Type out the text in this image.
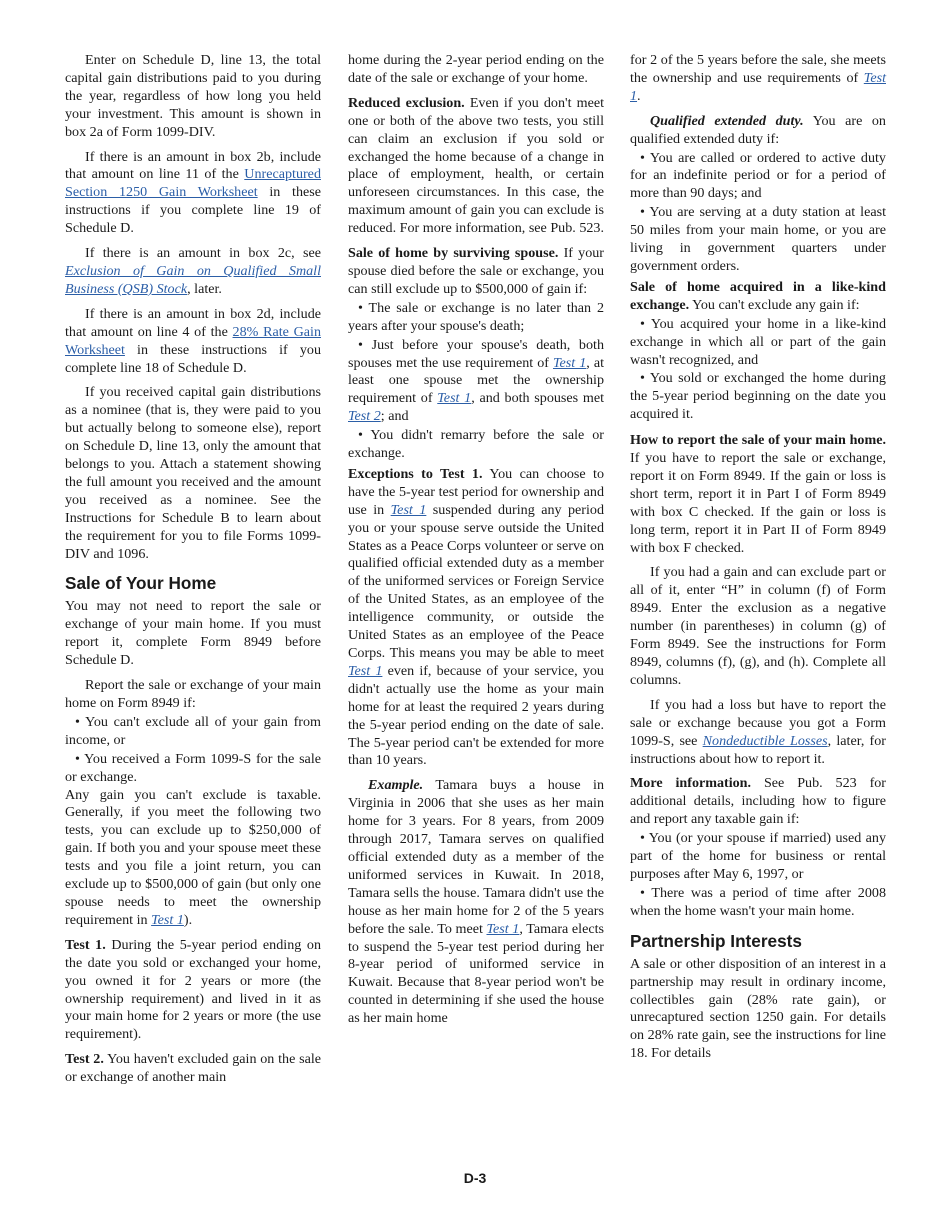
Enter on Schedule D, line 13, the total capital gain distributions paid to you during the year, regardless of how long you held your investment. This amount is shown in box 2a of Form 1099-DIV.

If there is an amount in box 2b, include that amount on line 11 of the Unrecaptured Section 1250 Gain Worksheet in these instructions if you complete line 19 of Schedule D.

If there is an amount in box 2c, see Exclusion of Gain on Qualified Small Business (QSB) Stock, later.

If there is an amount in box 2d, include that amount on line 4 of the 28% Rate Gain Worksheet in these instructions if you complete line 18 of Schedule D.

If you received capital gain distributions as a nominee (that is, they were paid to you but actually belong to someone else), report on Schedule D, line 13, only the amount that belongs to you. Attach a statement showing the full amount you received and the amount you received as a nominee. See the Instructions for Schedule B to learn about the requirement for you to file Forms 1099-DIV and 1096.

Sale of Your Home

You may not need to report the sale or exchange of your main home. If you must report it, complete Form 8949 before Schedule D.

Report the sale or exchange of your main home on Form 8949 if:

• You can't exclude all of your gain from income, or

• You received a Form 1099-S for the sale or exchange.

Any gain you can't exclude is taxable. Generally, if you meet the following two tests, you can exclude up to $250,000 of gain. If both you and your spouse meet these tests and you file a joint return, you can exclude up to $500,000 of gain (but only one spouse needs to meet the ownership requirement in Test 1).

Test 1. During the 5-year period ending on the date you sold or exchanged your home, you owned it for 2 years or more (the ownership requirement) and lived in it as your main home for 2 years or more (the use requirement).

Test 2. You haven't excluded gain on the sale or exchange of another main

home during the 2-year period ending on the date of the sale or exchange of your home.

Reduced exclusion. Even if you don't meet one or both of the above two tests, you still can claim an exclusion if you sold or exchanged the home because of a change in place of employment, health, or certain unforeseen circumstances. In this case, the maximum amount of gain you can exclude is reduced. For more information, see Pub. 523.

Sale of home by surviving spouse. If your spouse died before the sale or exchange, you can still exclude up to $500,000 of gain if:

• The sale or exchange is no later than 2 years after your spouse's death;

• Just before your spouse's death, both spouses met the use requirement of Test 1, at least one spouse met the ownership requirement of Test 1, and both spouses met Test 2; and

• You didn't remarry before the sale or exchange.

Exceptions to Test 1. You can choose to have the 5-year test period for ownership and use in Test 1 suspended during any period you or your spouse serve outside the United States as a Peace Corps volunteer or serve on qualified official extended duty as a member of the uniformed services or Foreign Service of the United States, as an employee of the intelligence community, or outside the United States as an employee of the Peace Corps. This means you may be able to meet Test 1 even if, because of your service, you didn't actually use the home as your main home for at least the required 2 years during the 5-year period ending on the date of sale. The 5-year period can't be extended for more than 10 years.

Example. Tamara buys a house in Virginia in 2006 that she uses as her main home for 3 years. For 8 years, from 2009 through 2017, Tamara serves on qualified official extended duty as a member of the uniformed services in Kuwait. In 2018, Tamara sells the house. Tamara didn't use the house as her main home for 2 of the 5 years before the sale. To meet Test 1, Tamara elects to suspend the 5-year test period during her 8-year period of uniformed service in Kuwait. Because that 8-year period won't be counted in determining if she used the house as her main home

for 2 of the 5 years before the sale, she meets the ownership and use requirements of Test 1.

Qualified extended duty. You are on qualified extended duty if:

• You are called or ordered to active duty for an indefinite period or for a period of more than 90 days; and

• You are serving at a duty station at least 50 miles from your main home, or you are living in government quarters under government orders.

Sale of home acquired in a like-kind exchange. You can't exclude any gain if:

• You acquired your home in a like-kind exchange in which all or part of the gain wasn't recognized, and

• You sold or exchanged the home during the 5-year period beginning on the date you acquired it.

How to report the sale of your main home. If you have to report the sale or exchange, report it on Form 8949. If the gain or loss is short term, report it in Part I of Form 8949 with box C checked. If the gain or loss is long term, report it in Part II of Form 8949 with box F checked.

If you had a gain and can exclude part or all of it, enter “H” in column (f) of Form 8949. Enter the exclusion as a negative number (in parentheses) in column (g) of Form 8949. See the instructions for Form 8949, columns (f), (g), and (h). Complete all columns.

If you had a loss but have to report the sale or exchange because you got a Form 1099-S, see Nondeductible Losses, later, for instructions about how to report it.

More information. See Pub. 523 for additional details, including how to figure and report any taxable gain if:

• You (or your spouse if married) used any part of the home for business or rental purposes after May 6, 1997, or

• There was a period of time after 2008 when the home wasn't your main home.

Partnership Interests

A sale or other disposition of an interest in a partnership may result in ordinary income, collectibles gain (28% rate gain), or unrecaptured section 1250 gain. For details on 28% rate gain, see the instructions for line 18. For details

D-3
